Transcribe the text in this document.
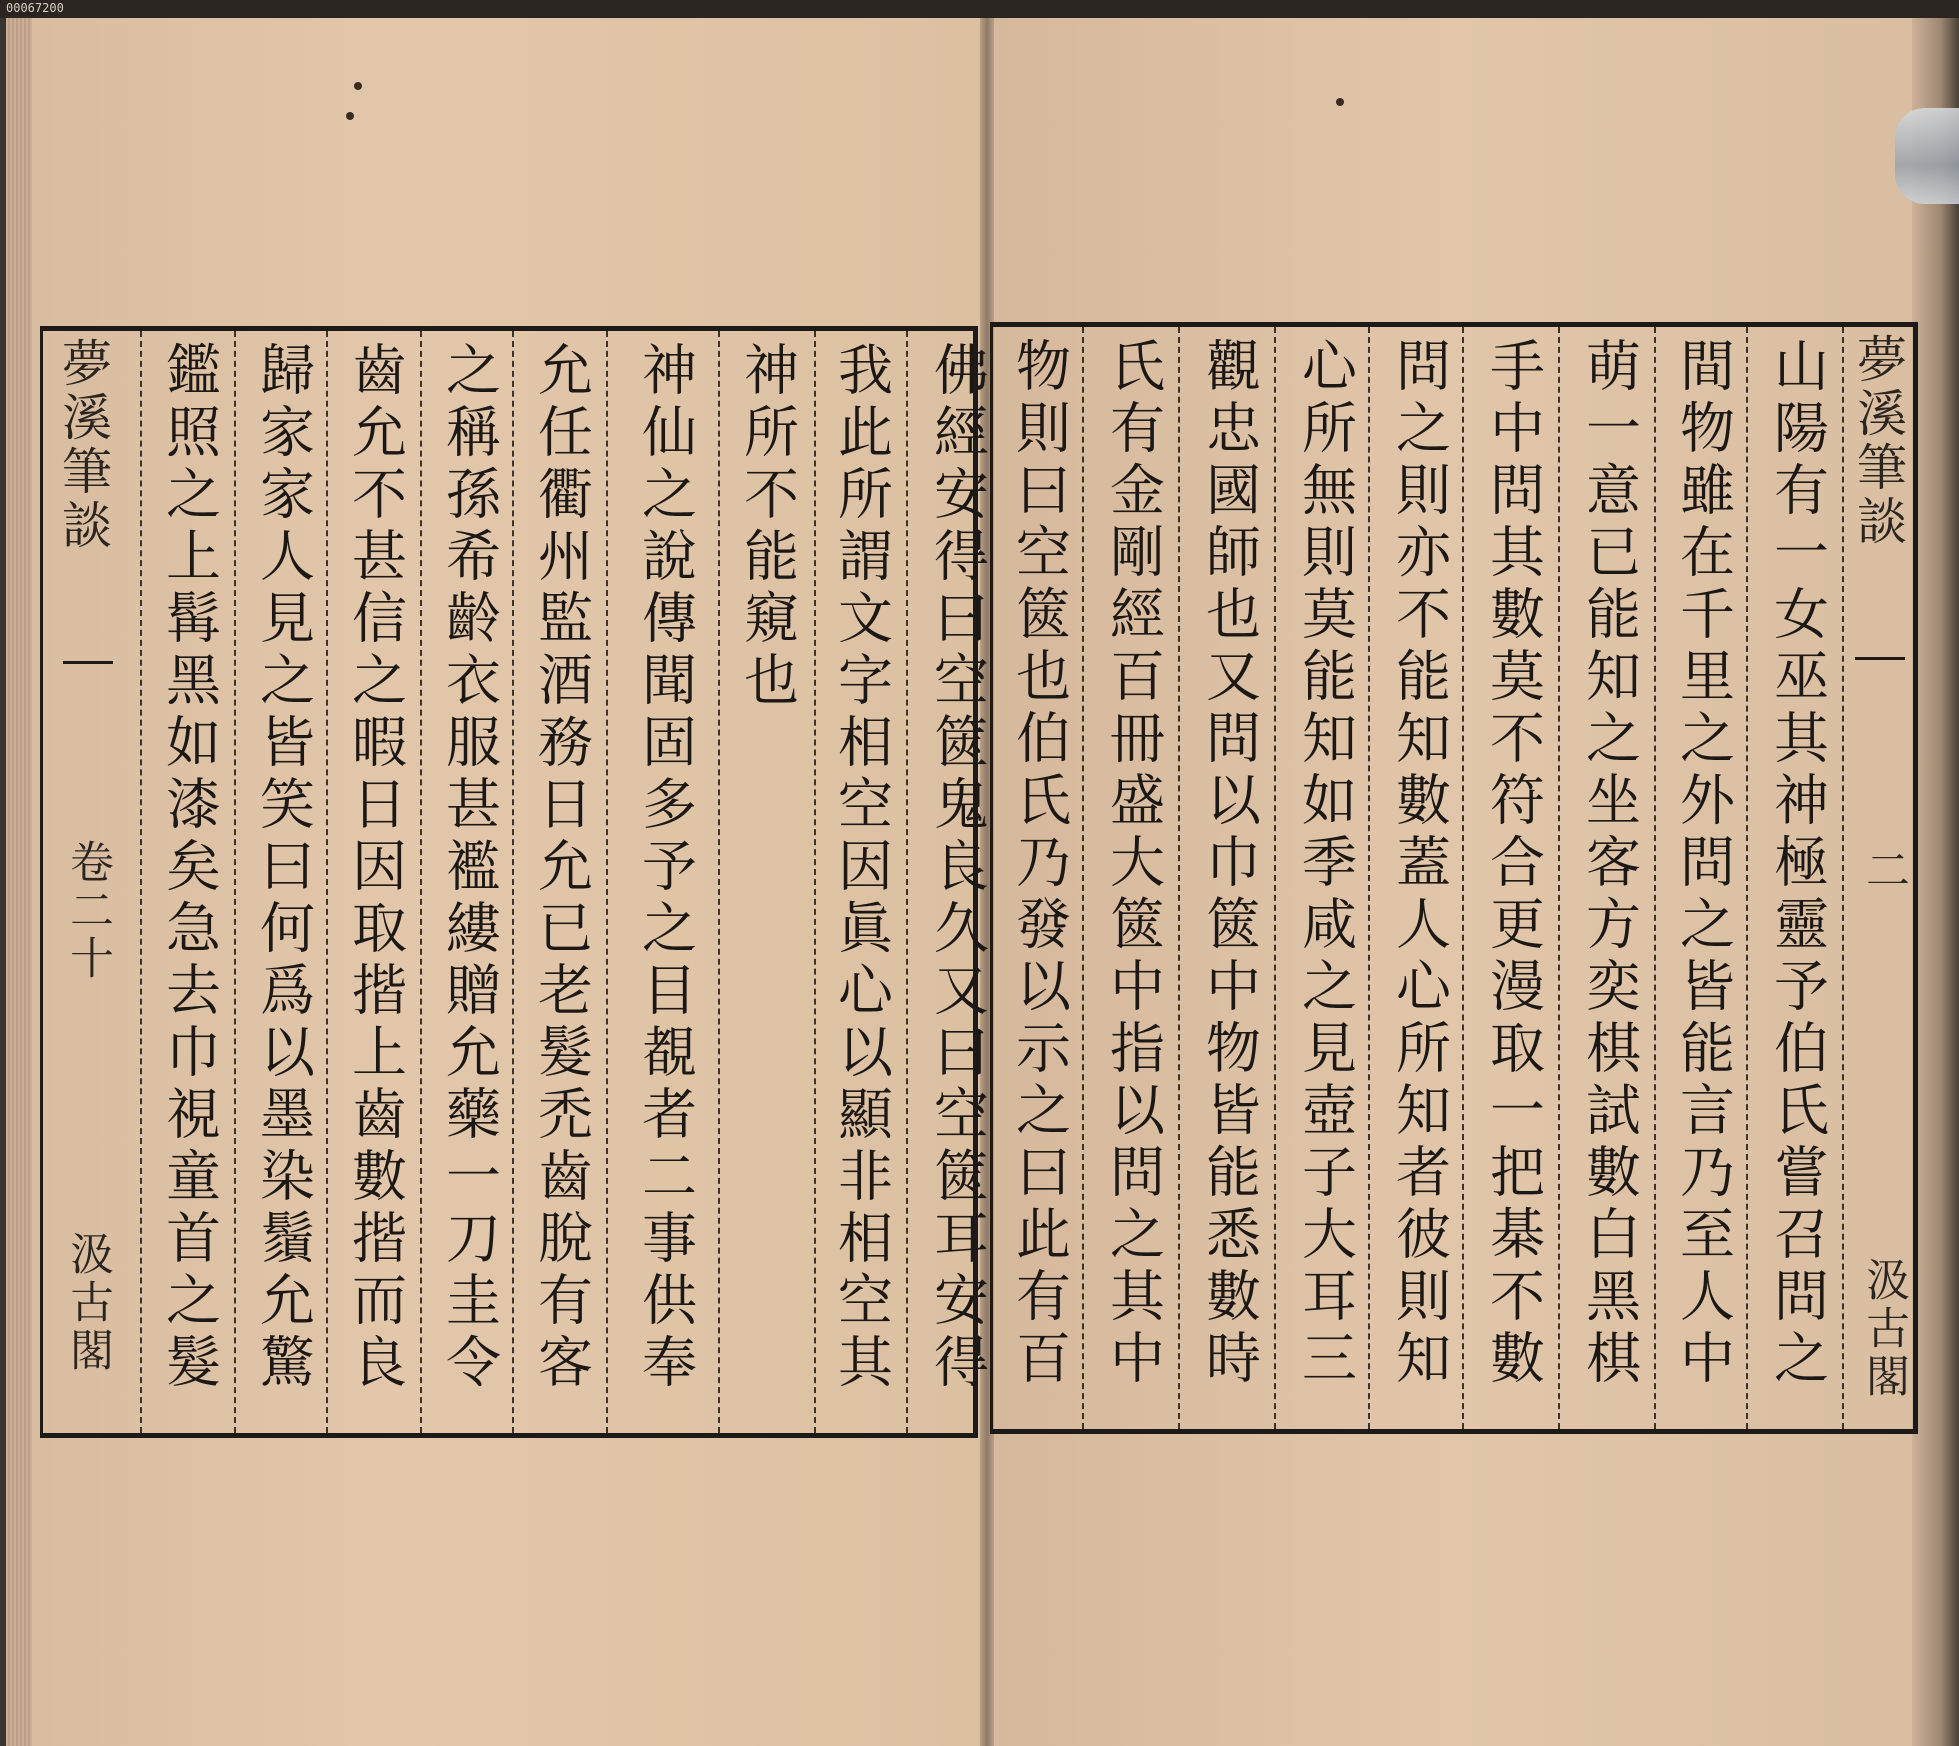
00067200
佛經安得曰空篋鬼良久又曰空篋耳安得
我此所謂文字相空因眞心以顯非相空其
神所不能窺也
神仙之說傳聞固多予之目覩者二事供奉
允任衢州監酒務日允已老髮禿齒脫有客
之稱孫希齡衣服甚襤縷贈允藥一刀圭令
齒允不甚信之暇日因取揩上齒數揩而良
歸家家人見之皆笑曰何爲以墨染鬚允驚
鑑照之上髯黑如漆矣急去巾視童首之髮
夢溪筆談
卷二十
汲古閣
山陽有一女巫其神極靈予伯氏嘗召問之
間物雖在千里之外問之皆能言乃至人中
萌一意已能知之坐客方奕棋試數白黑棋
手中問其數莫不符合更漫取一把棊不數
問之則亦不能知數蓋人心所知者彼則知
心所無則莫能知如季咸之見壺子大耳三
觀忠國師也又問以巾篋中物皆能悉數時
氏有金剛經百冊盛大篋中指以問之其中
物則曰空篋也伯氏乃發以示之曰此有百
夢溪筆談
二
汲古閣
